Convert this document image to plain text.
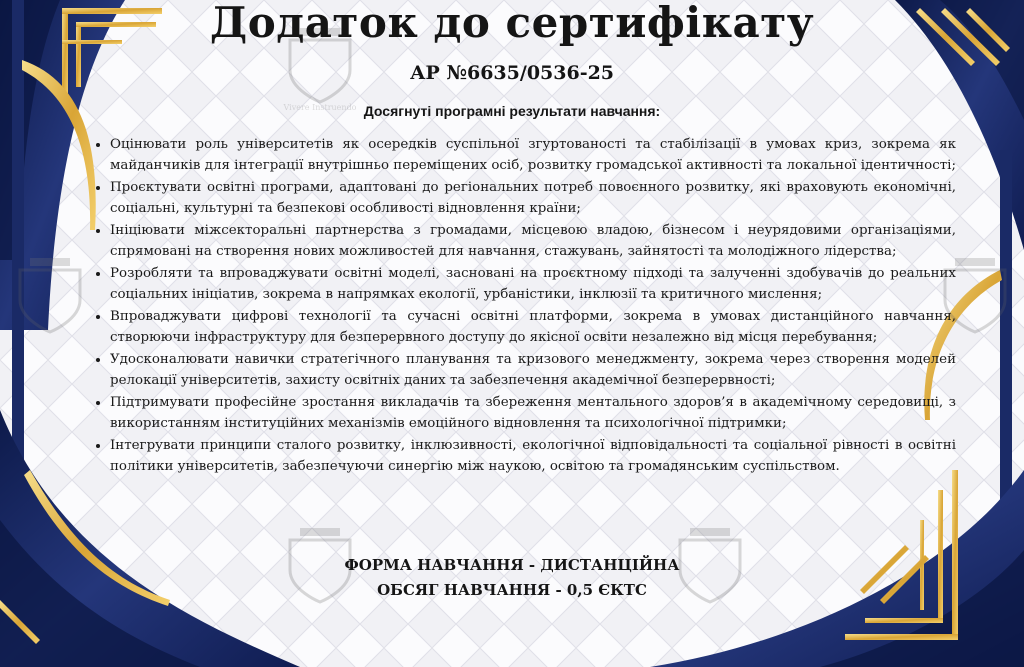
Vivere Instruendo
Додаток до сертифікату
АР №6635/0536-25
Досягнуті програмні результати навчання:
• Оцінювати роль університетів як осередків суспільної згуртованості та стабілізації в умовах криз, зокрема як майданчиків для інтеграції внутрішньо переміщених осіб, розвитку громадської активності та локальної ідентичності;
• Проєктувати освітні програми, адаптовані до регіональних потреб повоєнного розвитку, які враховують економічні, соціальні, культурні та безпекові особливості відновлення країни;
• Ініціювати міжсекторальні партнерства з громадами, місцевою владою, бізнесом і неурядовими організаціями, спрямовані на створення нових можливостей для навчання, стажувань, зайнятості та молодіжного лідерства;
• Розробляти та впроваджувати освітні моделі, засновані на проєктному підході та залученні здобувачів до реальних соціальних ініціатив, зокрема в напрямках екології, урбаністики, інклюзії та критичного мислення;
• Впроваджувати цифрові технології та сучасні освітні платформи, зокрема в умовах дистанційного навчання, створюючи інфраструктуру для безперервного доступу до якісної освіти незалежно від місця перебування;
• Удосконалювати навички стратегічного планування та кризового менеджменту, зокрема через створення моделей релокації університетів, захисту освітніх даних та забезпечення академічної безперервності;
• Підтримувати професійне зростання викладачів та збереження ментального здоров’я в академічному середовищі, з використанням інституційних механізмів емоційного відновлення та психологічної підтримки;
• Інтегрувати принципи сталого розвитку, інклюзивності, екологічної відповідальності та соціальної рівності в освітні політики університетів, забезпечуючи синергію між наукою, освітою та громадянським суспільством.
ФОРМА НАВЧАННЯ - ДИСТАНЦІЙНА
ОБСЯГ НАВЧАННЯ - 0,5 ЄКТС
